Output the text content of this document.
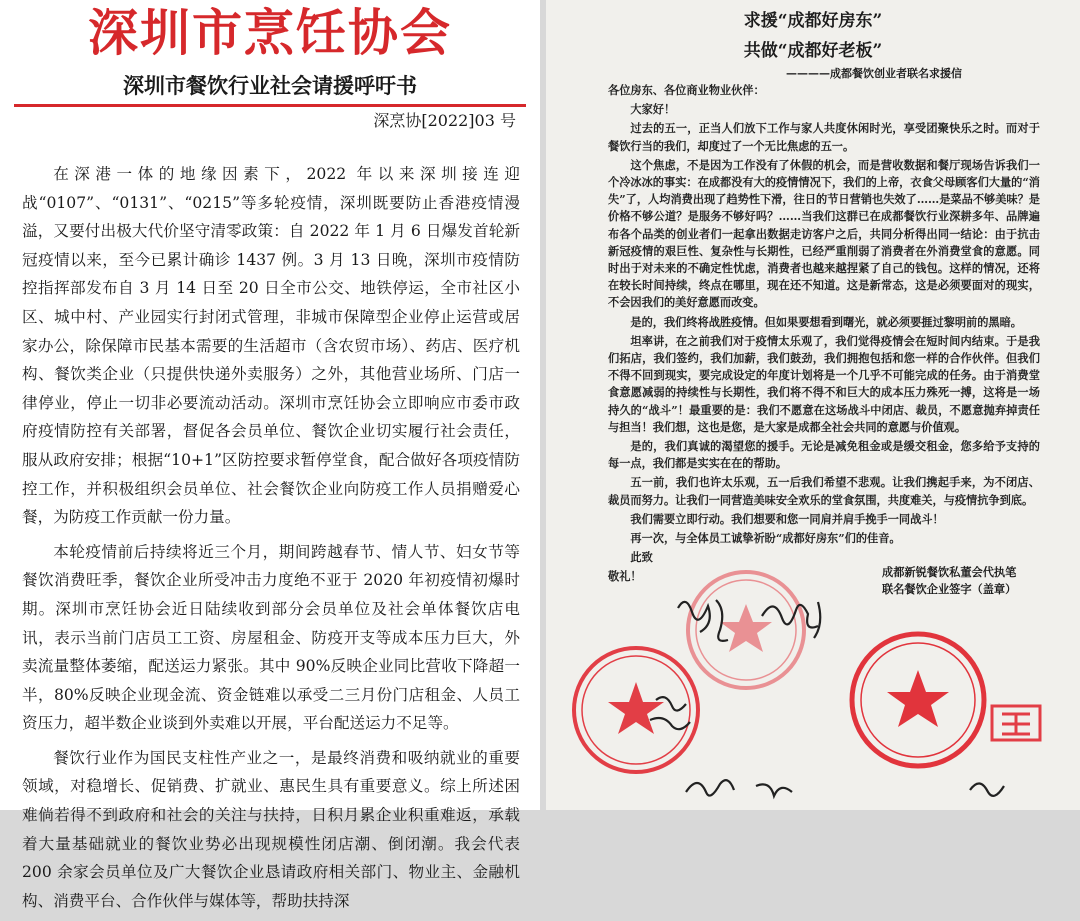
深圳市烹饪协会
深圳市餐饮行业社会请援呼吁书
深烹协[2022]03 号

在深港一体的地缘因素下，2022 年以来深圳接连迎战“0107”、“0131”、“0215”等多轮疫情，深圳既要防止香港疫情漫溢，又要付出极大代价坚守清零政策：自 2022 年 1 月 6 日爆发首轮新冠疫情以来，至今已累计确诊 1437 例。3 月 13 日晚，深圳市疫情防控指挥部发布自 3 月 14 日至 20 日全市公交、地铁停运，全市社区小区、城中村、产业园实行封闭式管理，非城市保障型企业停止运营或居家办公，除保障市民基本需要的生活超市（含农贸市场）、药店、医疗机构、餐饮类企业（只提供快递外卖服务）之外，其他营业场所、门店一律停业，停止一切非必要流动活动。深圳市烹饪协会立即响应市委市政府疫情防控有关部署，督促各会员单位、餐饮企业切实履行社会责任，服从政府安排；根据“10+1”区防控要求暂停堂食，配合做好各项疫情防控工作，并积极组织会员单位、社会餐饮企业向防疫工作人员捐赠爱心餐，为防疫工作贡献一份力量。

本轮疫情前后持续将近三个月，期间跨越春节、情人节、妇女节等餐饮消费旺季，餐饮企业所受冲击力度绝不亚于 2020 年初疫情初爆时期。深圳市烹饪协会近日陆续收到部分会员单位及社会单体餐饮店电讯，表示当前门店员工工资、房屋租金、防疫开支等成本压力巨大，外卖流量整体萎缩，配送运力紧张。其中 90%反映企业同比营收下降超一半，80%反映企业现金流、资金链难以承受二三月份门店租金、人员工资压力，超半数企业谈到外卖难以开展，平台配送运力不足等。

餐饮行业作为国民支柱性产业之一，是最终消费和吸纳就业的重要领域，对稳增长、促销费、扩就业、惠民生具有重要意义。综上所述困难倘若得不到政府和社会的关注与扶持，日积月累企业积重难返，承载着大量基础就业的餐饮业势必出现规模性闭店潮、倒闭潮。我会代表 200 余家会员单位及广大餐饮企业恳请政府相关部门、物业主、金融机构、消费平台、合作伙伴与媒体等，帮助扶持深

求援“成都好房东”
共做“成都好老板”
————成都餐饮创业者联名求援信

各位房东、各位商业物业伙伴：

大家好！

过去的五一，正当人们放下工作与家人共度休闲时光，享受团聚快乐之时。而对于餐饮行当的我们，却度过了一个无比焦虑的五一。

这个焦虑，不是因为工作没有了休假的机会，而是营收数据和餐厅现场告诉我们一个冷冰冰的事实：在成都没有大的疫情情况下，我们的上帝，衣食父母顾客们大量的“消失”了，人均消费出现了趋势性下滑，往日的节日营销也失效了……是菜品不够美味？是价格不够公道？是服务不够好吗？……当我们这群已在成都餐饮行业深耕多年、品牌遍布各个品类的创业者们一起拿出数据走访客户之后，共同分析得出同一结论：由于抗击新冠疫情的艰巨性、复杂性与长期性，已经严重削弱了消费者在外消费堂食的意愿。同时出于对未来的不确定性忧虑，消费者也越来越捏紧了自己的钱包。这样的情况，还将在较长时间持续，终点在哪里，现在还不知道。这是新常态，这是必须要面对的现实，不会因我们的美好意愿而改变。

是的，我们终将战胜疫情。但如果要想看到曙光，就必须要捱过黎明前的黑暗。

坦率讲，在之前我们对于疫情太乐观了，我们觉得疫情会在短时间内结束。于是我们拓店，我们签约，我们加薪，我们鼓劲，我们拥抱包括和您一样的合作伙伴。但我们不得不回到现实，要完成设定的年度计划将是一个几乎不可能完成的任务。由于消费堂食意愿减弱的持续性与长期性，我们将不得不和巨大的成本压力殊死一搏，这将是一场持久的“战斗”！最重要的是：我们不愿意在这场战斗中闭店、裁员，不愿意抛弃掉责任与担当！我们想，这也是您，是大家是成都全社会共同的意愿与价值观。

是的，我们真诚的渴望您的援手。无论是减免租金或是缓交租金，您多给予支持的每一点，我们都是实实在在的帮助。

五一前，我们也许太乐观，五一后我们希望不悲观。让我们携起手来，为不闭店、裁员而努力。让我们一同营造美味安全欢乐的堂食氛围，共度难关，与疫情抗争到底。

我们需要立即行动。我们想要和您一同肩并肩手挽手一同战斗！

再一次，与全体员工诚挚祈盼“成都好房东”们的佳音。

此致

敬礼！	成都新锐餐饮私董会代执笔
联名餐饮企业签字（盖章）
